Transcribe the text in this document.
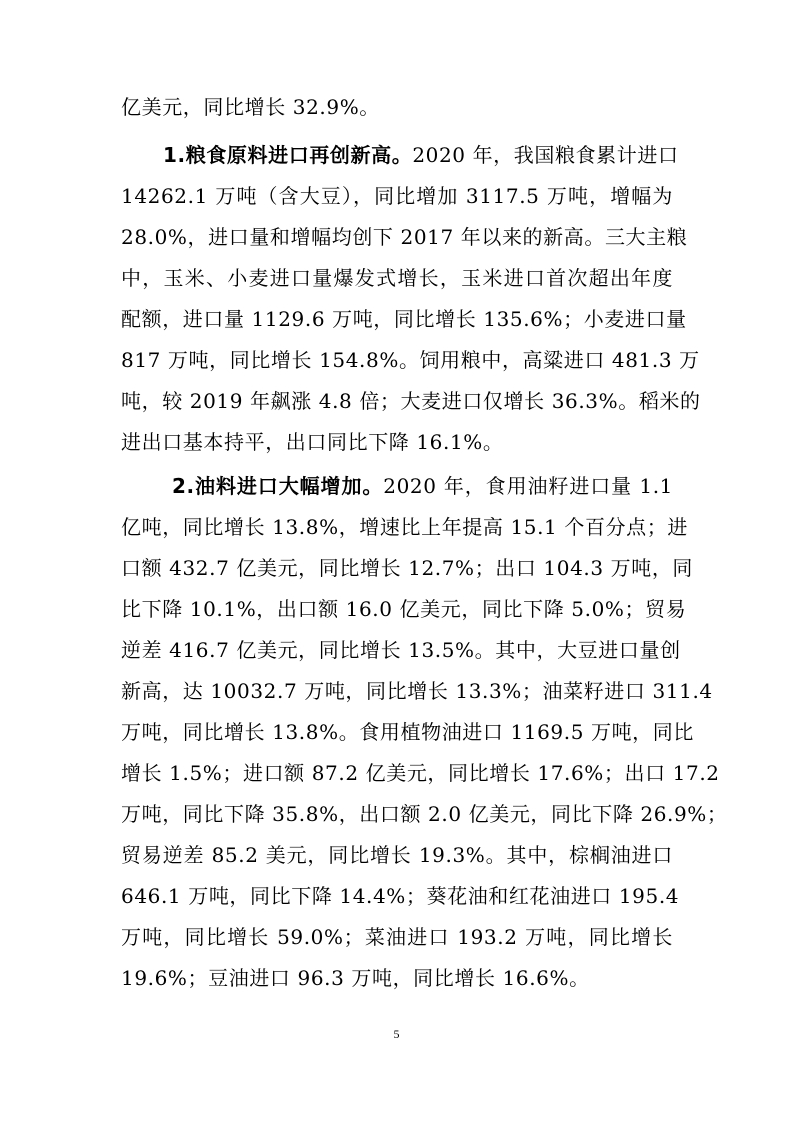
亿美元，同比增长 32.9%。
1.粮食原料进口再创新高。2020 年，我国粮食累计进口
14262.1 万吨（含大豆），同比增加 3117.5 万吨，增幅为
28.0%，进口量和增幅均创下 2017 年以来的新高。三大主粮
中，玉米、小麦进口量爆发式增长，玉米进口首次超出年度
配额，进口量 1129.6 万吨，同比增长 135.6%；小麦进口量
817 万吨，同比增长 154.8%。饲用粮中，高粱进口 481.3 万
吨，较 2019 年飙涨 4.8 倍；大麦进口仅增长 36.3%。稻米的
进出口基本持平，出口同比下降 16.1%。
2.油料进口大幅增加。2020 年，食用油籽进口量 1.1
亿吨，同比增长 13.8%，增速比上年提高 15.1 个百分点；进
口额 432.7 亿美元，同比增长 12.7%；出口 104.3 万吨，同
比下降 10.1%，出口额 16.0 亿美元，同比下降 5.0%；贸易
逆差 416.7 亿美元，同比增长 13.5%。其中，大豆进口量创
新高，达 10032.7 万吨，同比增长 13.3%；油菜籽进口 311.4
万吨，同比增长 13.8%。食用植物油进口 1169.5 万吨，同比
增长 1.5%；进口额 87.2 亿美元，同比增长 17.6%；出口 17.2
万吨，同比下降 35.8%，出口额 2.0 亿美元，同比下降 26.9%；
贸易逆差 85.2 美元，同比增长 19.3%。其中，棕榈油进口
646.1 万吨，同比下降 14.4%；葵花油和红花油进口 195.4
万吨，同比增长 59.0%；菜油进口 193.2 万吨，同比增长
19.6%；豆油进口 96.3 万吨，同比增长 16.6%。
5
